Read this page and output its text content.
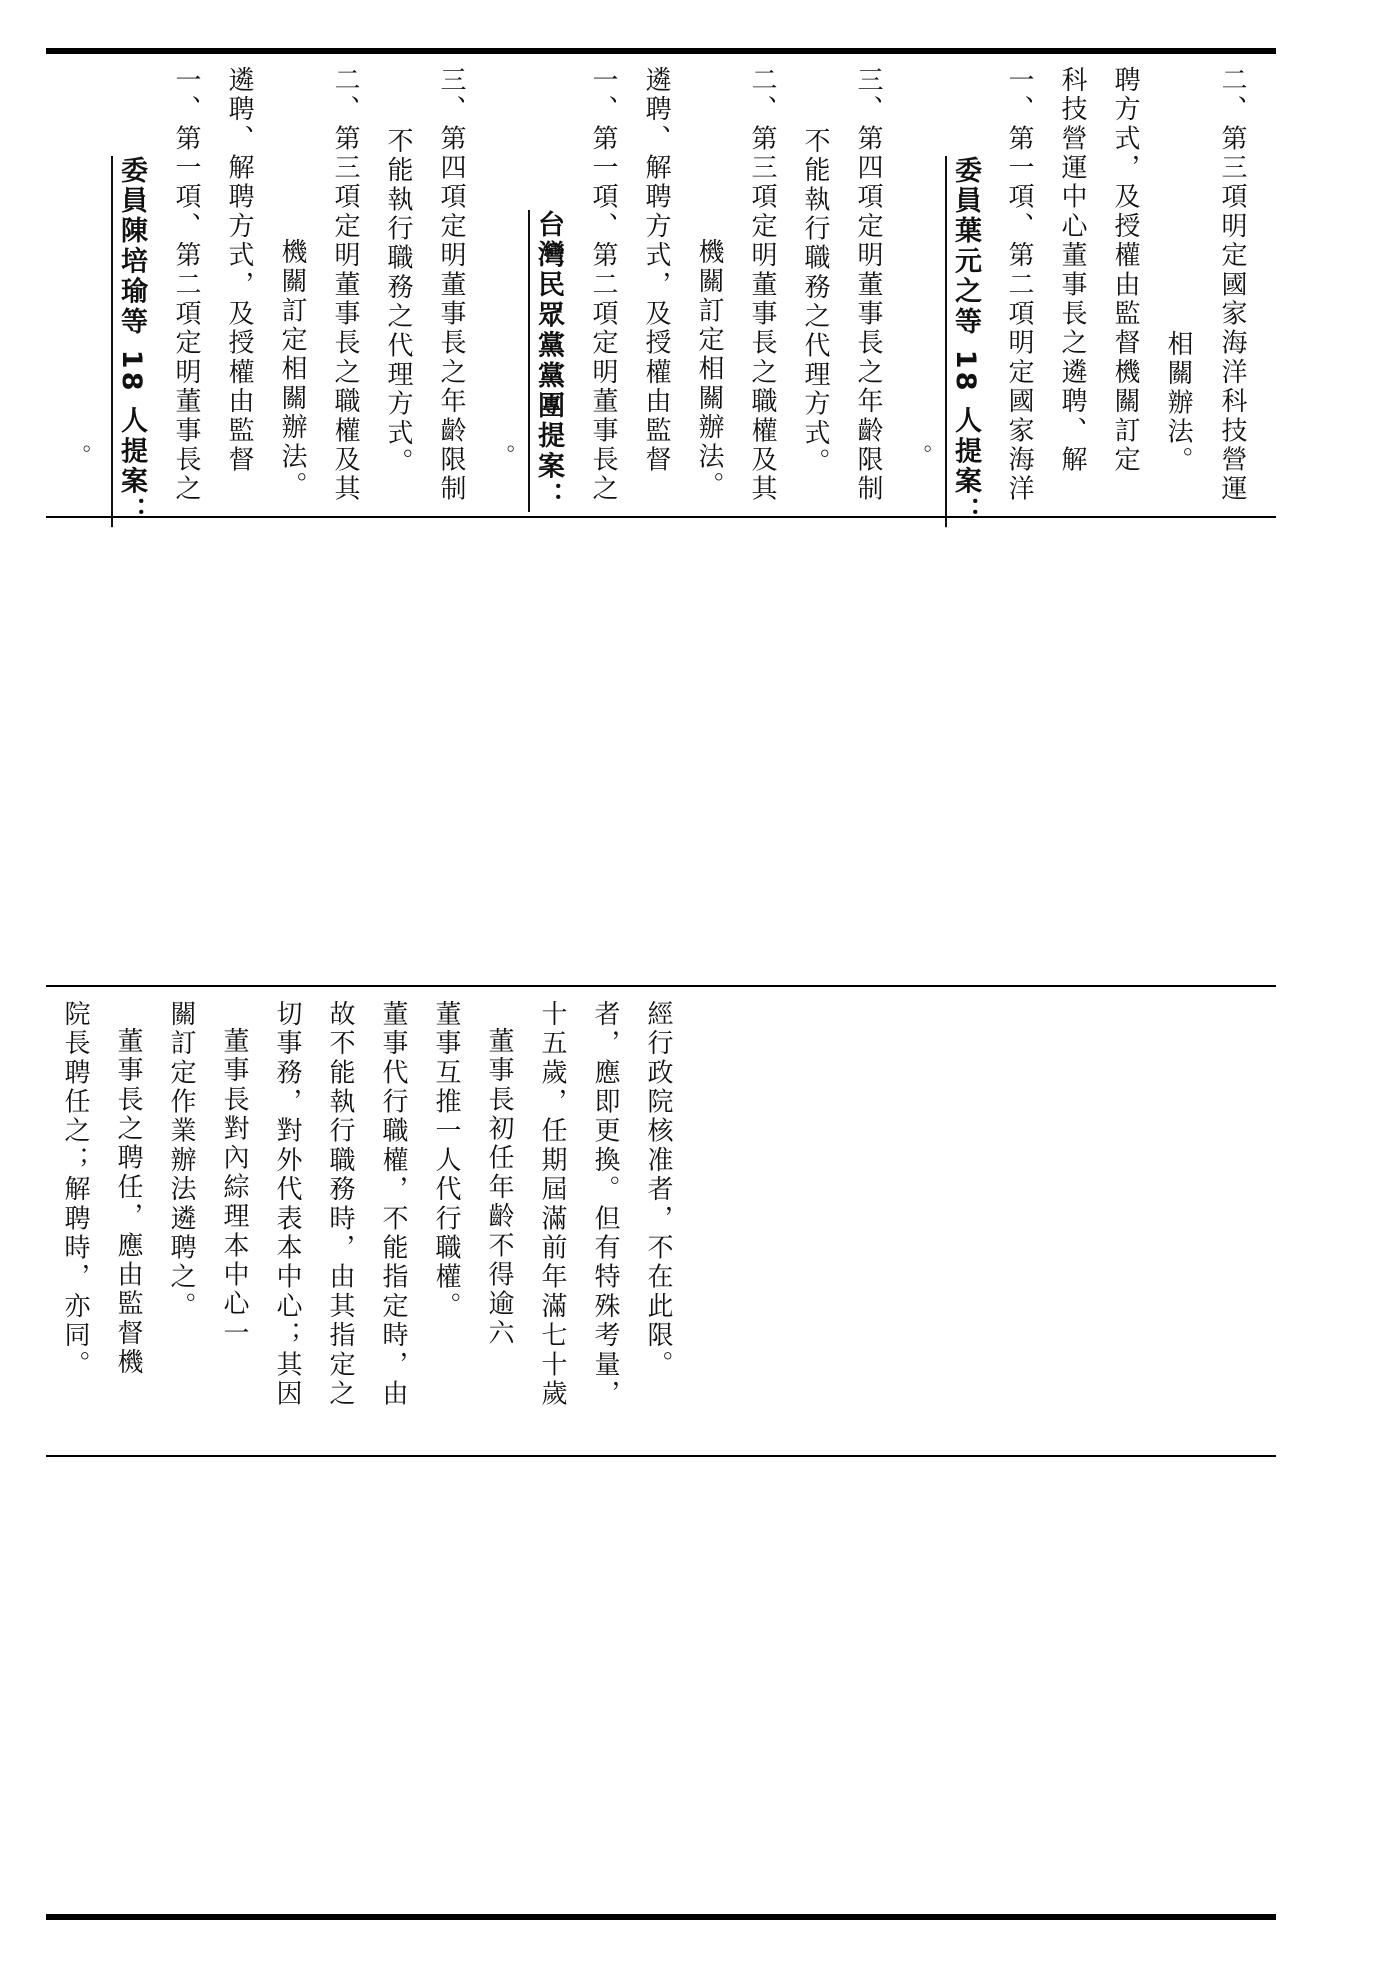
。 委員陳培瑜等 18 人提案： 一、第一項、第二項定明董事長之 遴聘、解聘方式，及授權由監督 機關訂定相關辦法。 二、第三項定明董事長之職權及其 不能執行職務之代理方式。 三、第四項定明董事長之年齡限制 。 台灣民眾黨黨團提案： 一、第一項、第二項定明董事長之 遴聘、解聘方式，及授權由監督 機關訂定相關辦法。 二、第三項定明董事長之職權及其 不能執行職務之代理方式。 三、第四項定明董事長之年齡限制 。 委員葉元之等 18 人提案： 一、第一項、第二項明定國家海洋 科技營運中心董事長之遴聘、解 聘方式，及授權由監督機關訂定 相關辦法。 二、第三項明定國家海洋科技營運
院長聘任之；解聘時，亦同。 董事長之聘任，應由監督機 關訂定作業辦法遴聘之。 董事長對內綜理本中心一 切事務，對外代表本中心；其因 故不能執行職務時，由其指定之 董事代行職權，不能指定時，由 董事互推一人代行職權。 董事長初任年齡不得逾六 十五歲，任期屆滿前年滿七十歲 者，應即更換。但有特殊考量， 經行政院核准者，不在此限。
